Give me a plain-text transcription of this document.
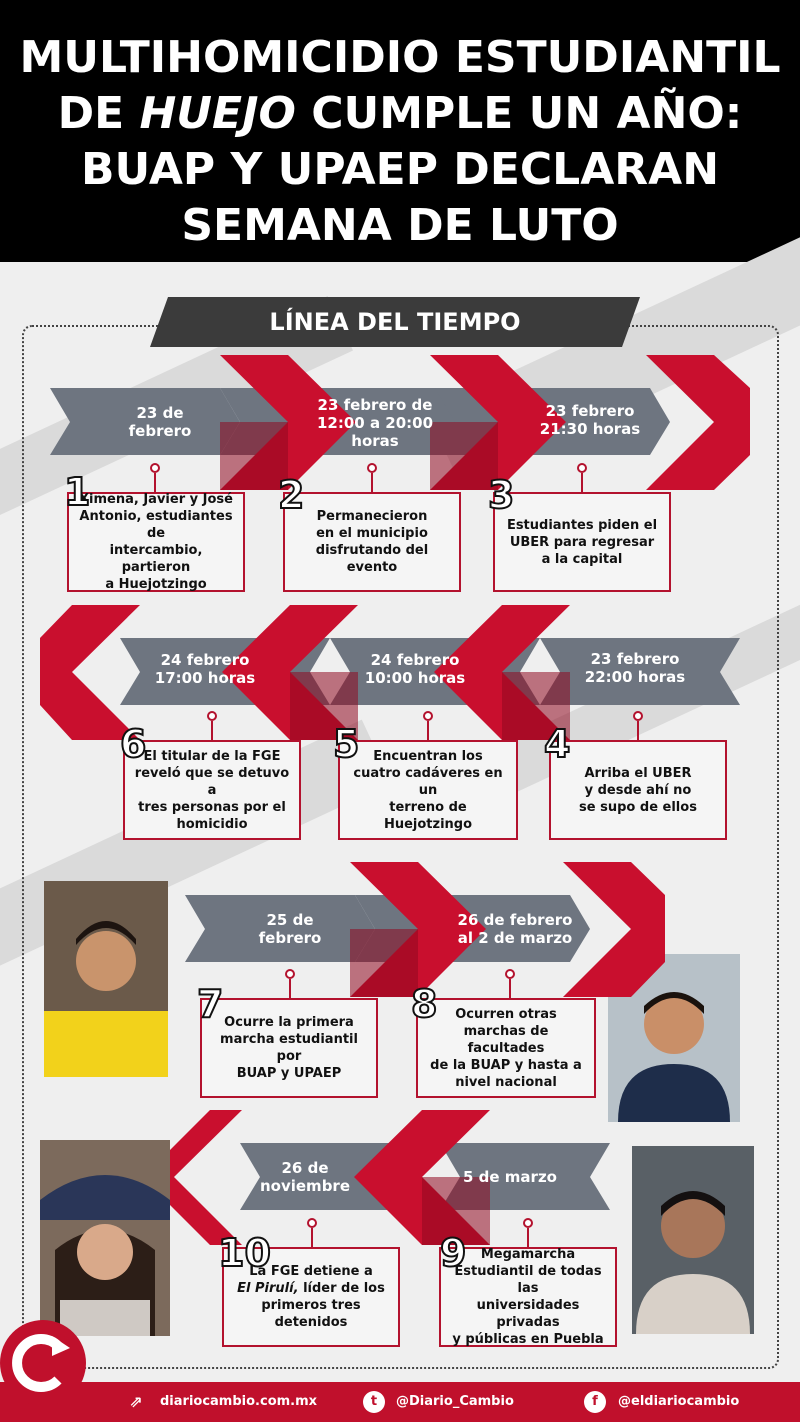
MULTIHOMICIDIO ESTUDIANTIL
DE HUEJO CUMPLE UN AÑO:
BUAP Y UPAEP DECLARAN
SEMANA DE LUTO
LÍNEA DEL TIEMPO
23 de
febrero
23 febrero de
12:00 a 20:00
horas
23 febrero
21:30 horas
Ximena, Javier y José
Antonio, estudiantes de
intercambio, partieron
a Huejotzingo
1
Permanecieron
en el municipio
disfrutando del evento
2
Estudiantes piden el
UBER para regresar
a la capital
3
24 febrero
17:00 horas
24 febrero
10:00 horas
23 febrero
22:00 horas
El titular de la FGE
reveló que se detuvo a
tres personas por el
homicidio
6	Encuentran los
cuatro cadáveres en un
terreno de Huejotzingo
5
Arriba el UBER
y desde ahí no
se supo de ellos
4
25 de
febrero
26 de febrero
al 2 de marzo
Ocurre la primera
marcha estudiantil por
BUAP y UPAEP
7	Ocurren otras
marchas de facultades
de la BUAP y hasta a
nivel nacional
8
26 de
noviembre	5 de marzo
La FGE detiene a
El Pirulí, líder de los
primeros tres detenidos
10	Megamarcha
Estudiantil de todas las
universidades privadas
y públicas en Puebla
9
⇗	diariocambio.com.mx	t	@Diario_Cambio	f	@eldiariocambio
